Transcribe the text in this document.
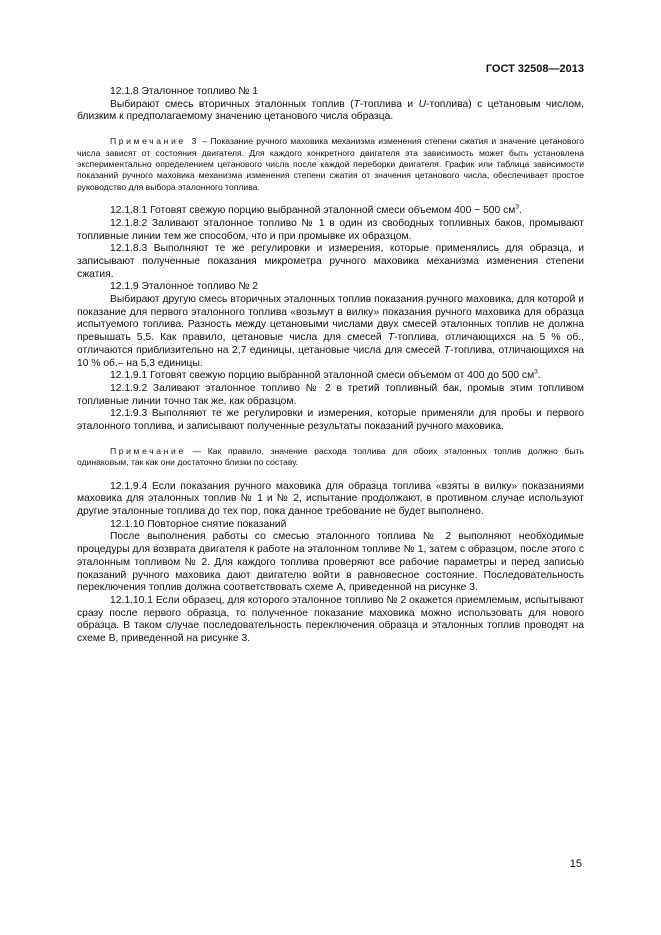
ГОСТ 32508—2013

12.1.8 Эталонное топливо № 1

Выбирают смесь вторичных эталонных топлив (T-топлива и U-топлива) с цетановым числом, близким к предполагаемому значению цетанового числа образца.

Примечание 3 – Показание ручного маховика механизма изменения степени сжатия и значение цетанового числа зависят от состояния двигателя. Для каждого конкретного двигателя эта зависимость может быть установлена экспериментально определением цетанового числа после каждой переборки двигателя. График или таблица зависимости показаний ручного маховика механизма изменения степени сжатия от значения цетанового числа, обеспечивает простое руководство для выбора эталонного топлива.

12.1.8.1 Готовят свежую порцию выбранной эталонной смеси объемом 400 − 500 $см^3$.

12.1.8.2 Заливают эталонное топливо № 1 в один из свободных топливных баков, промывают топливные линии тем же способом, что и при промывке их образцом.

12.1.8.3 Выполняют те же регулировки и измерения, которые применялись для образца, и записывают полученные показания микрометра ручного маховика механизма изменения степени сжатия.

12.1.9 Эталонное топливо № 2

Выбирают другую смесь вторичных эталонных топлив показания ручного маховика, для которой и показание для первого эталонного топлива «возьмут в вилку» показания ручного маховика для образца испытуемого топлива. Разность между цетановыми числами двух смесей эталонных топлив не должна превышать 5,5. Как правило, цетановые числа для смесей T-топлива, отличающихся на 5 % об., отличаются приблизительно на 2,7 единицы, цетановые числа для смесей T-топлива, отличающихся на 10 % об.– на 5,3 единицы.

12.1.9.1 Готовят свежую порцию выбранной эталонной смеси объемом от 400 до 500 $см^3$.

12.1.9.2 Заливают эталонное топливо № 2 в третий топливный бак, промыв этим топливом топливные линии точно так же, как образцом.

12.1.9.3 Выполняют те же регулировки и измерения, которые применяли для пробы и первого эталонного топлива, и записывают полученные результаты показаний ручного маховика.

Примечание — Как правило, значение расхода топлива для обоих эталонных топлив должно быть одинаковым, так как они достаточно близки по составу.

12.1.9.4 Если показания ручного маховика для образца топлива «взяты в вилку» показаниями маховика для эталонных топлив № 1 и № 2, испытание продолжают, в противном случае используют другие эталонные топлива до тех пор, пока данное требование не будет выполнено.

12.1.10 Повторное снятие показаний

После выполнения работы со смесью эталонного топлива № 2 выполняют необходимые процедуры для возврата двигателя к работе на эталонном топливе № 1, затем с образцом, после этого с эталонным топливом № 2. Для каждого топлива проверяют все рабочие параметры и перед записью показаний ручного маховика дают двигателю войти в равновесное состояние. Последовательность переключения топлив должна соответствовать схеме А, приведенной на рисунке 3.

12.1.10.1 Если образец, для которого эталонное топливо № 2 окажется приемлемым, испытывают сразу после первого образца, то полученное показание маховика можно использовать для нового образца. В таком случае последовательность переключения образца и эталонных топлив проводят на схеме В, приведенной на рисунке 3.

15
